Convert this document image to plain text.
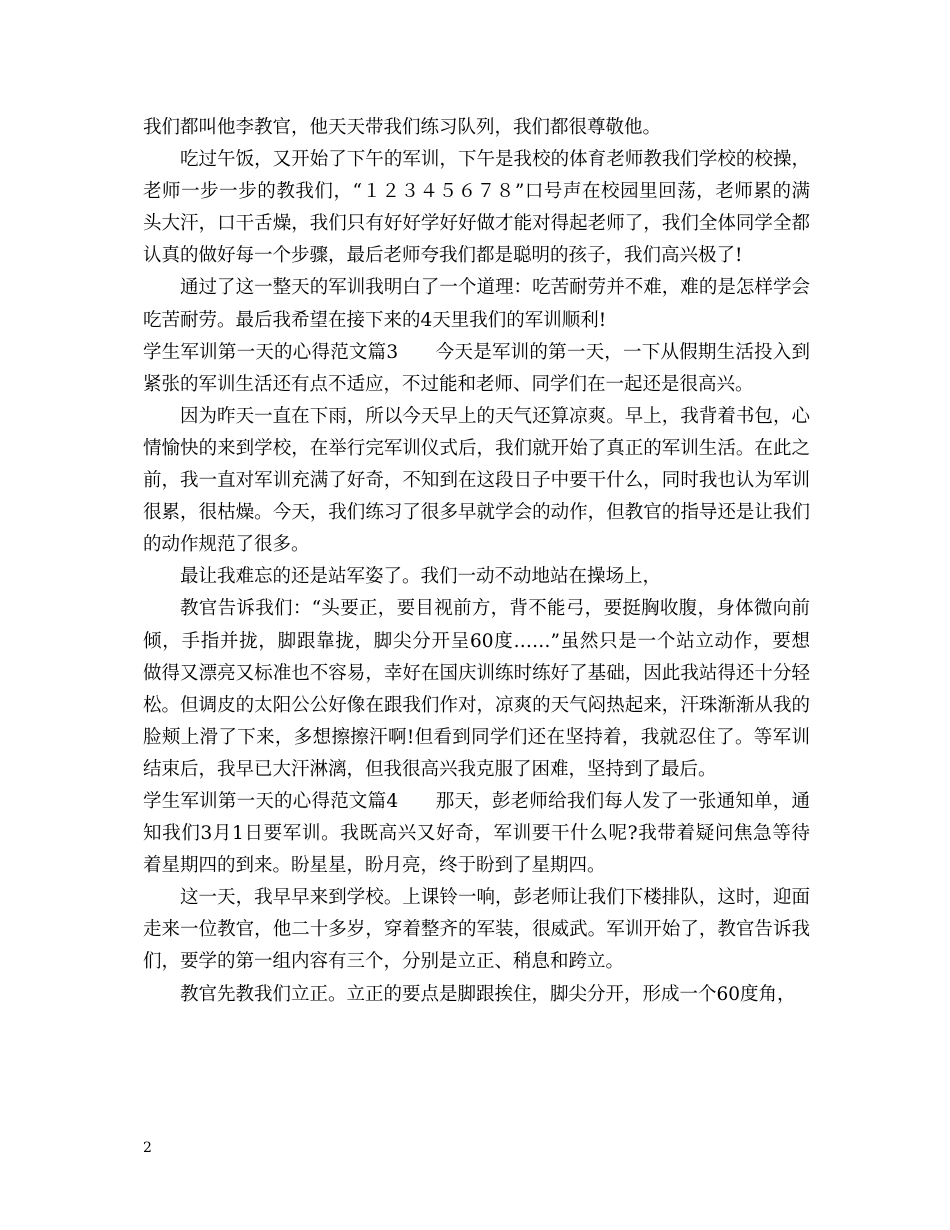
我们都叫他李教官，他天天带我们练习队列，我们都很尊敬他。
吃过午饭，又开始了下午的军训，下午是我校的体育老师教我们学校的校操，
老师一步一步的教我们，“１２３４５６７８”口号声在校园里回荡，老师累的满
头大汗，口干舌燥，我们只有好好学好好做才能对得起老师了，我们全体同学全都
认真的做好每一个步骤，最后老师夸我们都是聪明的孩子，我们高兴极了!
通过了这一整天的军训我明白了一个道理：吃苦耐劳并不难，难的是怎样学会
吃苦耐劳。最后我希望在接下来的4天里我们的军训顺利!
学生军训第一天的心得范文篇3　　今天是军训的第一天，一下从假期生活投入到
紧张的军训生活还有点不适应，不过能和老师、同学们在一起还是很高兴。
因为昨天一直在下雨，所以今天早上的天气还算凉爽。早上，我背着书包，心
情愉快的来到学校，在举行完军训仪式后，我们就开始了真正的军训生活。在此之
前，我一直对军训充满了好奇，不知到在这段日子中要干什么，同时我也认为军训
很累，很枯燥。今天，我们练习了很多早就学会的动作，但教官的指导还是让我们
的动作规范了很多。
最让我难忘的还是站军姿了。我们一动不动地站在操场上，
教官告诉我们：“头要正，要目视前方，背不能弓，要挺胸收腹，身体微向前
倾，手指并拢，脚跟靠拢，脚尖分开呈60度……”虽然只是一个站立动作，要想
做得又漂亮又标准也不容易，幸好在国庆训练时练好了基础，因此我站得还十分轻
松。但调皮的太阳公公好像在跟我们作对，凉爽的天气闷热起来，汗珠渐渐从我的
脸颊上滑了下来，多想擦擦汗啊!但看到同学们还在坚持着，我就忍住了。等军训
结束后，我早已大汗淋漓，但我很高兴我克服了困难，坚持到了最后。
学生军训第一天的心得范文篇4　　那天，彭老师给我们每人发了一张通知单，通
知我们3月1日要军训。我既高兴又好奇，军训要干什么呢?我带着疑问焦急等待
着星期四的到来。盼星星，盼月亮，终于盼到了星期四。
这一天，我早早来到学校。上课铃一响，彭老师让我们下楼排队，这时，迎面
走来一位教官，他二十多岁，穿着整齐的军装，很威武。军训开始了，教官告诉我
们，要学的第一组内容有三个，分别是立正、稍息和跨立。
教官先教我们立正。立正的要点是脚跟挨住，脚尖分开，形成一个60度角，
2
